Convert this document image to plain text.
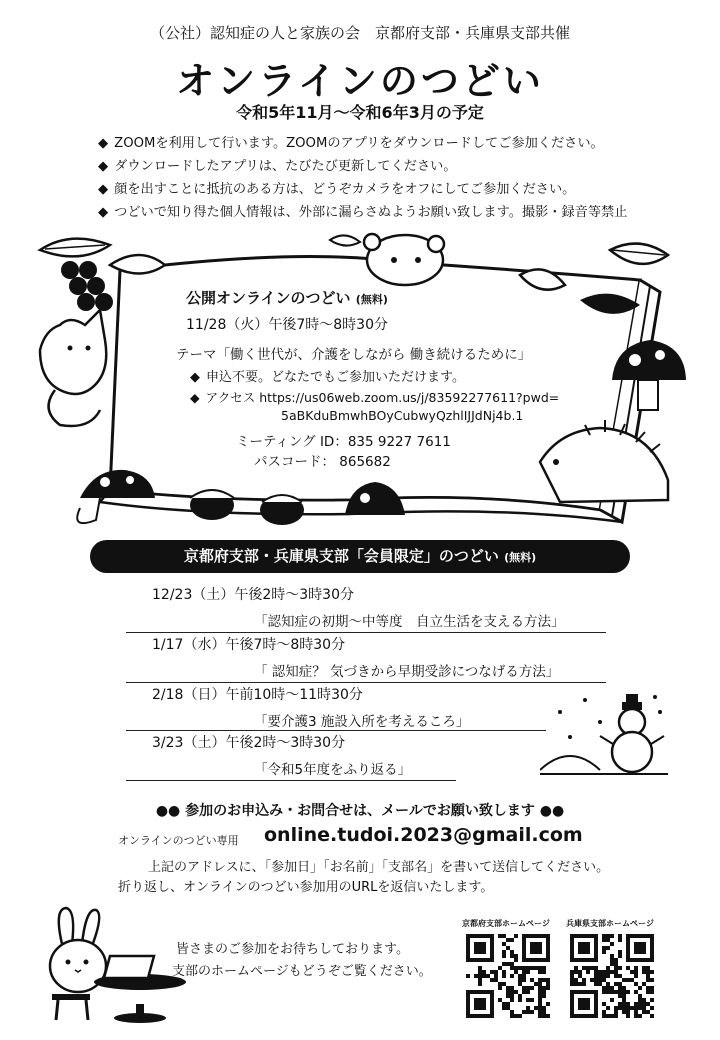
（公社）認知症の人と家族の会　京都府支部・兵庫県支部共催
オンラインのつどい
令和5年11月～令和6年3月の予定
◆ ZOOMを利用して行います。ZOOMのアプリをダウンロードしてご参加ください。
◆ ダウンロードしたアプリは、たびたび更新してください。
◆ 顔を出すことに抵抗のある方は、どうぞカメラをオフにしてご参加ください。
◆ つどいで知り得た個人情報は、外部に漏らさぬようお願い致します。撮影・録音等禁止
公開オンラインのつどい (無料)
11/28（火）午後7時～8時30分
テーマ「働く世代が、介護をしながら 働き続けるために」
◆ 申込不要。どなたでもご参加いただけます。
◆ アクセス https://us06web.zoom.us/j/83592277611?pwd=
5aBKduBmwhBOyCubwyQzhlIJJdNj4b.1
ミーティング ID：835 9227 7611
パスコード： 865682
京都府支部・兵庫県支部「会員限定」のつどい (無料)
12/23（土）午後2時～3時30分
「認知症の初期～中等度　自立生活を支える方法」
1/17（水）午後7時～8時30分
「 認知症？ 気づきから早期受診につなげる方法」
2/18（日）午前10時～11時30分
「要介護3 施設入所を考えるころ」
3/23（土）午後2時～3時30分
「令和5年度をふり返る」
●● 参加のお申込み・お問合せは、メールでお願い致します ●●
オンラインのつどい専用 online.tudoi.2023@gmail.com
上記のアドレスに、「参加日」「お名前」「支部名」を書いて送信してください。
折り返し、オンラインのつどい参加用のURLを返信いたします。
皆さまのご参加をお待ちしております。
支部のホームページもどうぞご覧ください。
京都府支部ホームページ 兵庫県支部ホームページ
